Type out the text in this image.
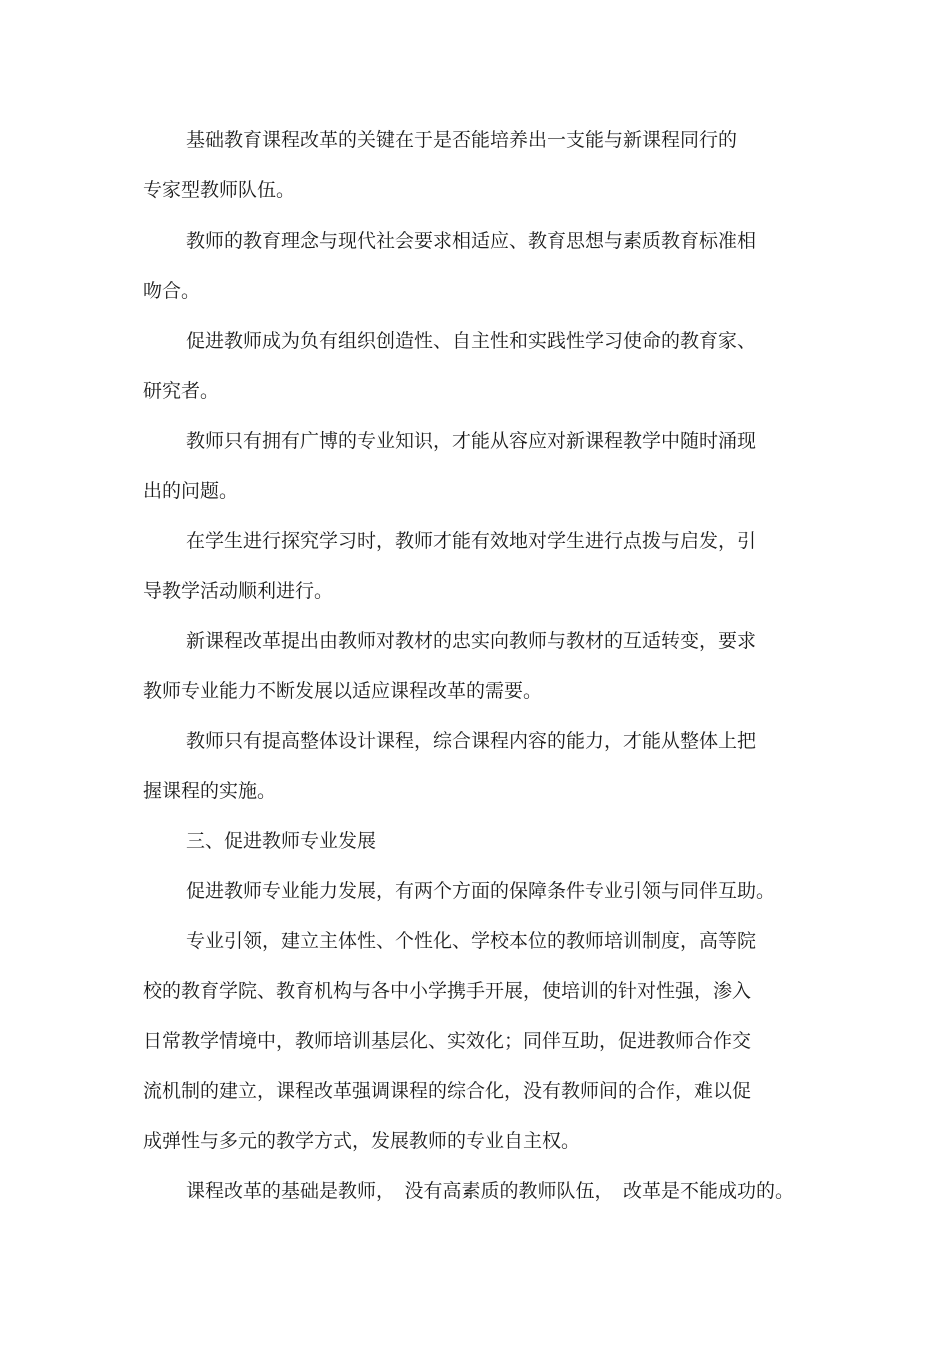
基础教育课程改革的关键在于是否能培养出一支能与新课程同行的
专家型教师队伍。
教师的教育理念与现代社会要求相适应、教育思想与素质教育标准相
吻合。
促进教师成为负有组织创造性、自主性和实践性学习使命的教育家、
研究者。
教师只有拥有广博的专业知识，才能从容应对新课程教学中随时涌现
出的问题。
在学生进行探究学习时，教师才能有效地对学生进行点拨与启发，引
导教学活动顺利进行。
新课程改革提出由教师对教材的忠实向教师与教材的互适转变，要求
教师专业能力不断发展以适应课程改革的需要。
教师只有提高整体设计课程，综合课程内容的能力，才能从整体上把
握课程的实施。
三、促进教师专业发展
促进教师专业能力发展，有两个方面的保障条件专业引领与同伴互助。
专业引领，建立主体性、个性化、学校本位的教师培训制度，高等院
校的教育学院、教育机构与各中小学携手开展，使培训的针对性强，渗入
日常教学情境中，教师培训基层化、实效化；同伴互助，促进教师合作交
流机制的建立，课程改革强调课程的综合化，没有教师间的合作，难以促
成弹性与多元的教学方式，发展教师的专业自主权。
课程改革的基础是教师，　没有高素质的教师队伍，　改革是不能成功的。
